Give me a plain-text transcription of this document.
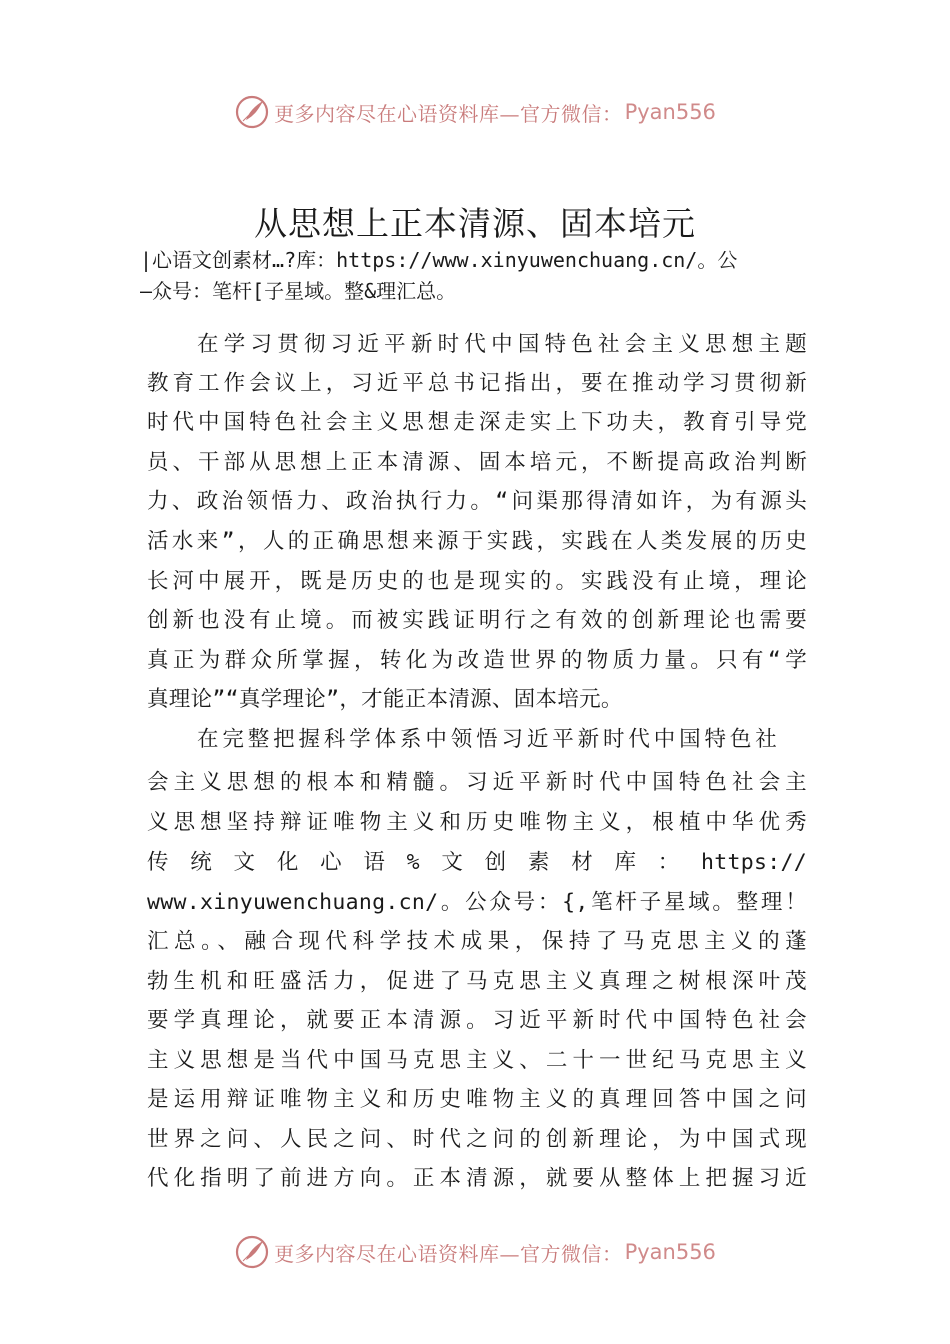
更多内容尽在心语资料库—官方微信： Pyan556
从思想上正本清源、固本培元
|心语文创素材…?库：https://www.xinyuwenchuang.cn/。公
—众号：笔杆[子星域。整&理汇总。
在学习贯彻习近平新时代中国特色社会主义思想主题
教育工作会议上，习近平总书记指出，要在推动学习贯彻新
时代中国特色社会主义思想走深走实上下功夫，教育引导党
员、干部从思想上正本清源、固本培元，不断提高政治判断
力、政治领悟力、政治执行力。“问渠那得清如许，为有源头
活水来”，人的正确思想来源于实践，实践在人类发展的历史
长河中展开，既是历史的也是现实的。实践没有止境，理论
创新也没有止境。而被实践证明行之有效的创新理论也需要
真正为群众所掌握，转化为改造世界的物质力量。只有“学
真理论”“真学理论”，才能正本清源、固本培元。
在完整把握科学体系中领悟习近平新时代中国特色社
会主义思想的根本和精髓。习近平新时代中国特色社会主
义思想坚持辩证唯物主义和历史唯物主义，根植中华优秀
传统文化心语%文创素材库：https://
www.xinyuwenchuang.cn/。公众号：{,笔杆子星域。整理！
汇总。、融合现代科学技术成果，保持了马克思主义的蓬
勃生机和旺盛活力，促进了马克思主义真理之树根深叶茂
要学真理论，就要正本清源。习近平新时代中国特色社会
主义思想是当代中国马克思主义、二十一世纪马克思主义
是运用辩证唯物主义和历史唯物主义的真理回答中国之问
世界之问、人民之问、时代之问的创新理论，为中国式现
代化指明了前进方向。正本清源，就要从整体上把握习近
更多内容尽在心语资料库—官方微信： Pyan556
